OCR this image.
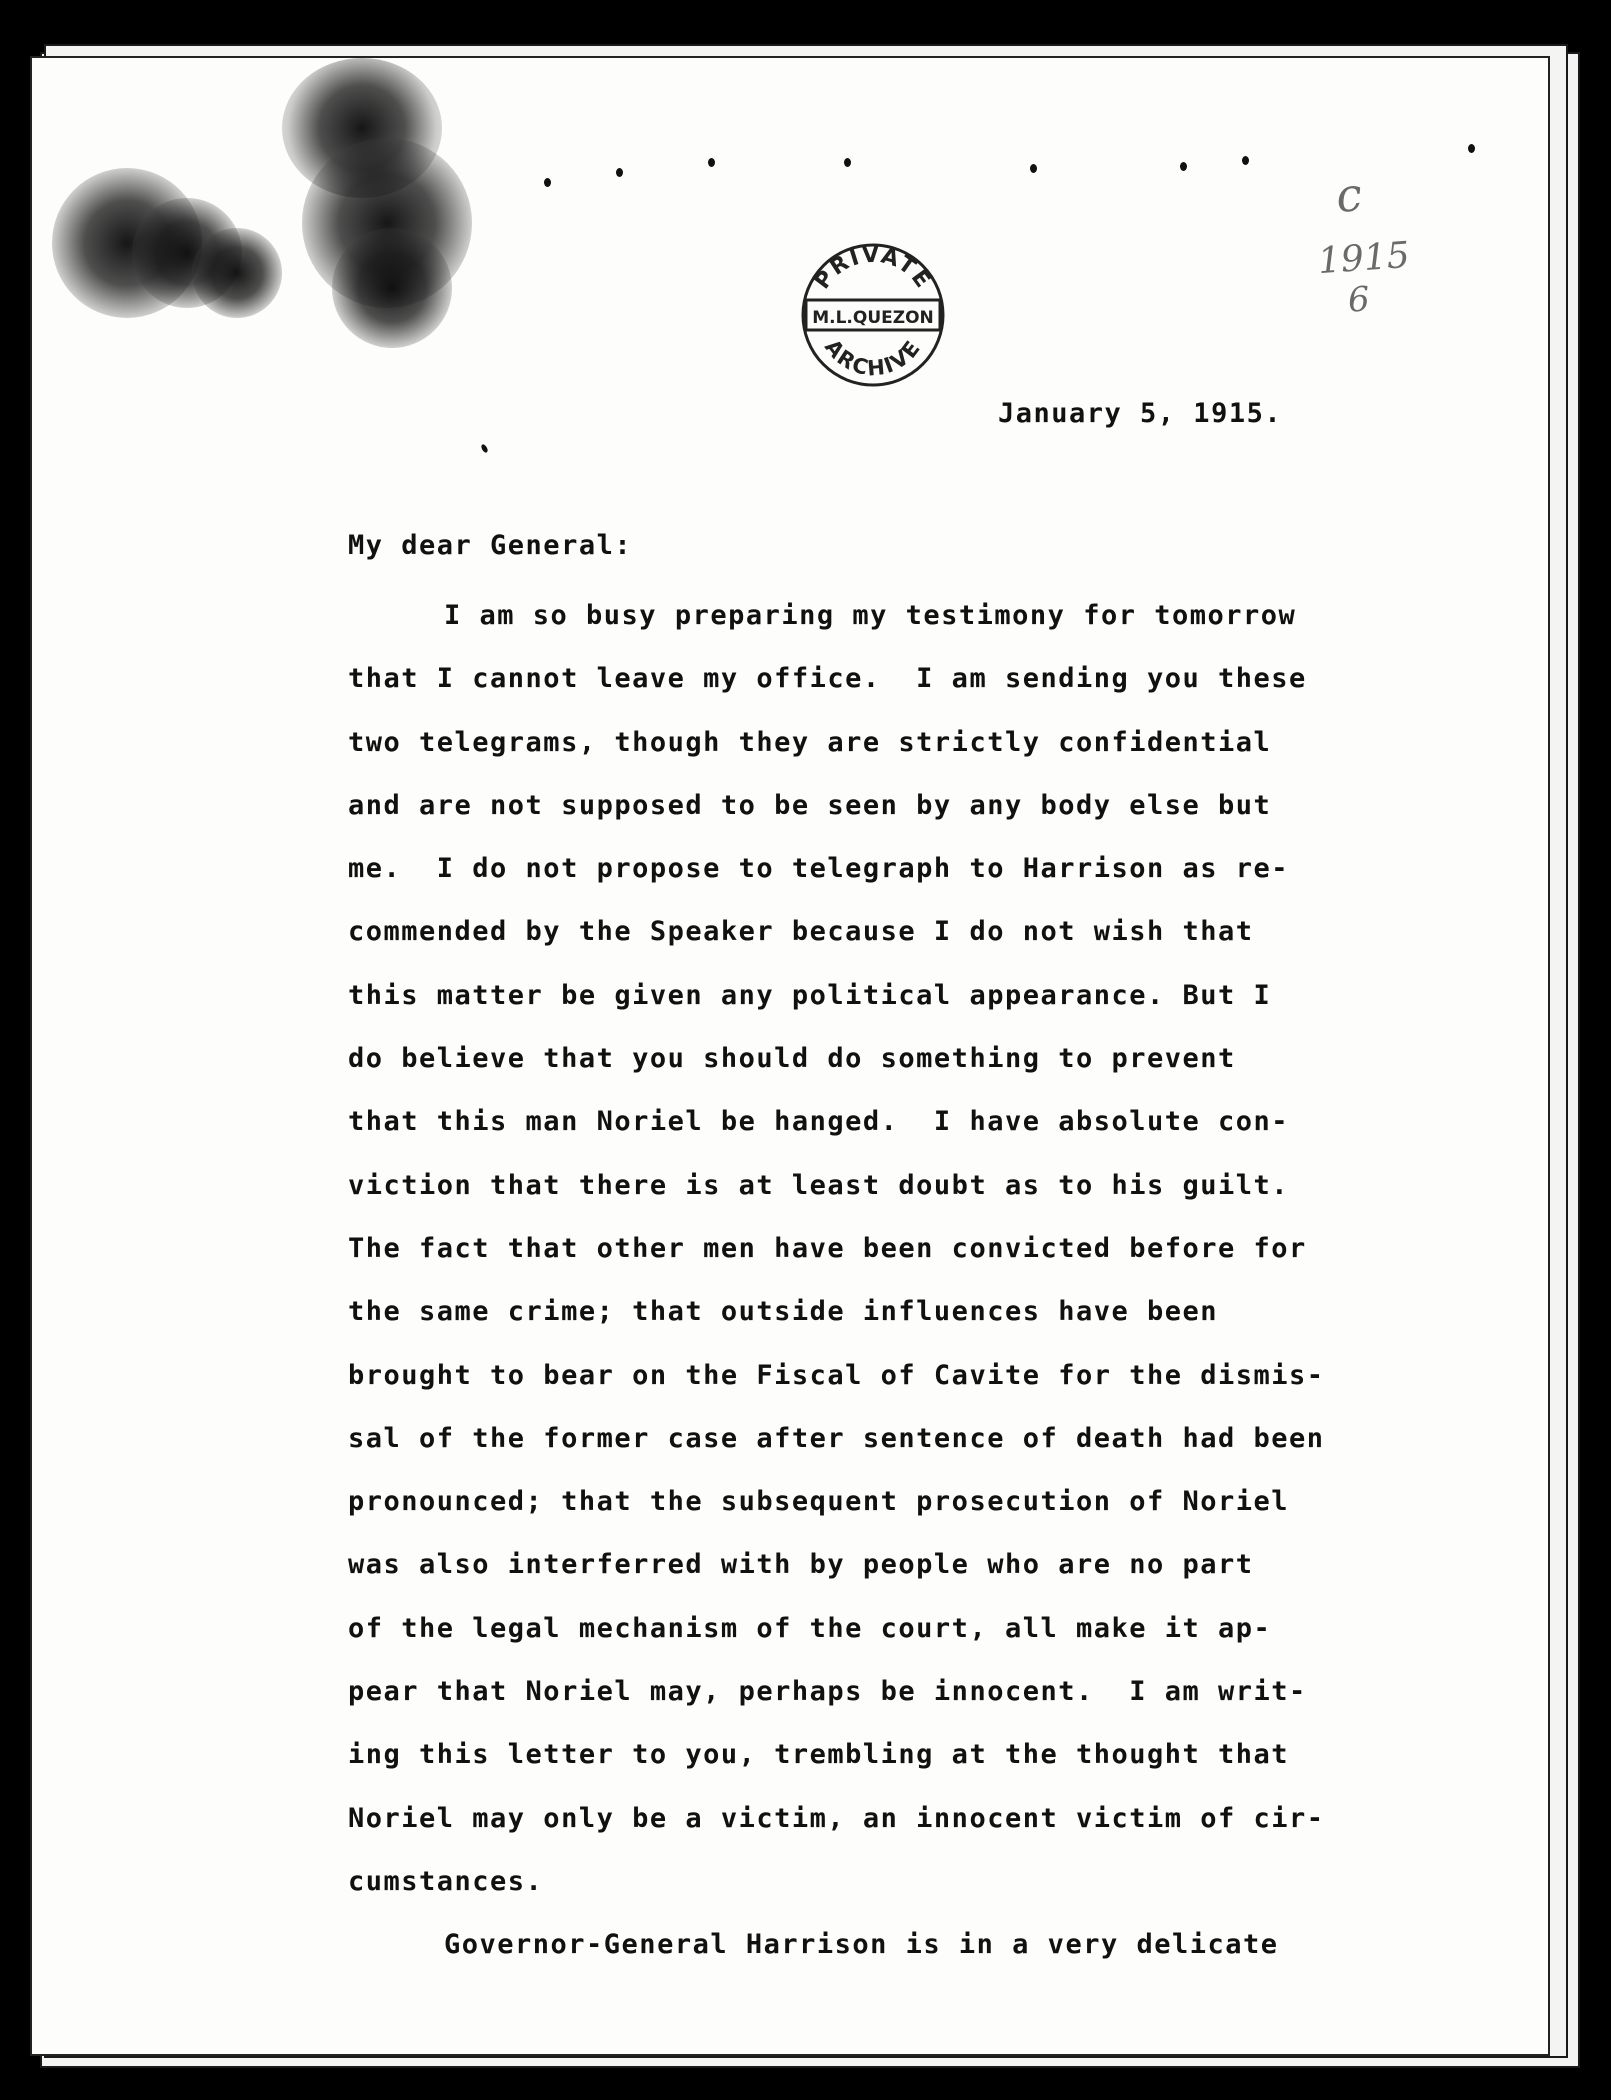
PRIVATE
M.L.QUEZON
ARCHIVE
c
1915
6
January 5, 1915.
My dear General:
I am so busy preparing my testimony for tomorrow
that I cannot leave my office.  I am sending you these
two telegrams, though they are strictly confidential
and are not supposed to be seen by any body else but
me.  I do not propose to telegraph to Harrison as re-
commended by the Speaker because I do not wish that
this matter be given any political appearance. But I
do believe that you should do something to prevent
that this man Noriel be hanged.  I have absolute con-
viction that there is at least doubt as to his guilt.
The fact that other men have been convicted before for
the same crime; that outside influences have been
brought to bear on the Fiscal of Cavite for the dismis-
sal of the former case after sentence of death had been
pronounced; that the subsequent prosecution of Noriel
was also interferred with by people who are no part
of the legal mechanism of the court, all make it ap-
pear that Noriel may, perhaps be innocent.  I am writ-
ing this letter to you, trembling at the thought that
Noriel may only be a victim, an innocent victim of cir-
cumstances.
Governor-General Harrison is in a very delicate
